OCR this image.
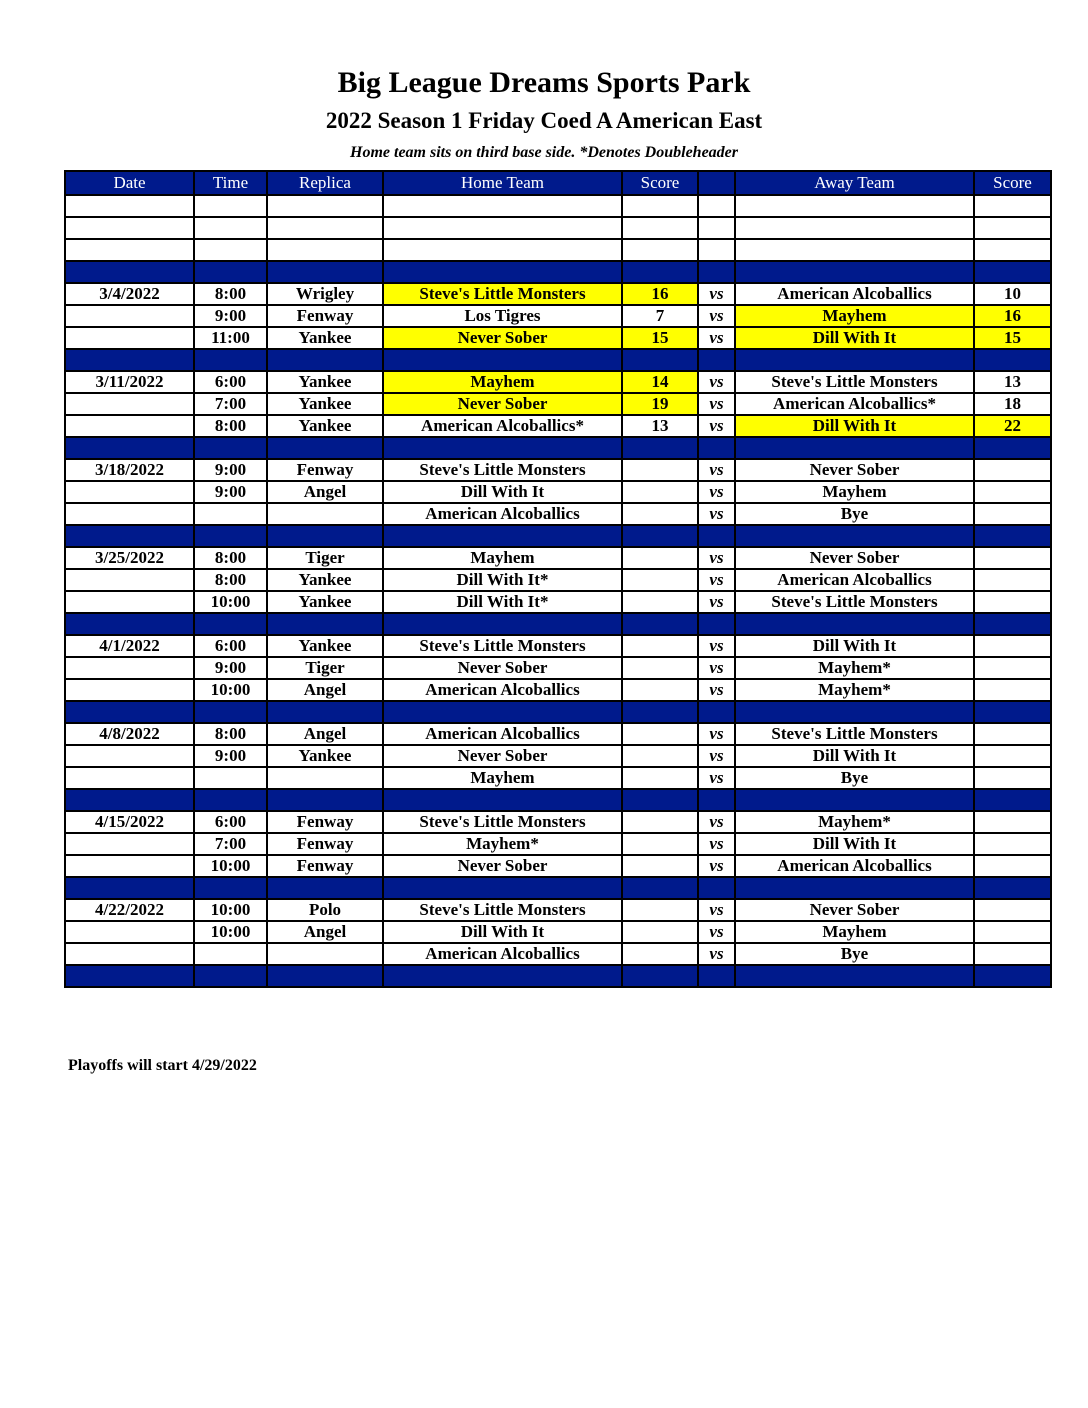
Big League Dreams Sports Park
2022 Season 1 Friday Coed A American East
Home team sits on third base side. *Denotes Doubleheader
Date	Time	Replica	Home Team	Score		Away Team	Score

3/4/2022	8:00	Wrigley	Steve's Little Monsters	16	vs	American Alcoballics	10
	9:00	Fenway	Los Tigres	7	vs	Mayhem	16
	11:00	Yankee	Never Sober	15	vs	Dill With It	15

3/11/2022	6:00	Yankee	Mayhem	14	vs	Steve's Little Monsters	13
	7:00	Yankee	Never Sober	19	vs	American Alcoballics*	18
	8:00	Yankee	American Alcoballics*	13	vs	Dill With It	22

3/18/2022	9:00	Fenway	Steve's Little Monsters		vs	Never Sober	
	9:00	Angel	Dill With It		vs	Mayhem	
			American Alcoballics		vs	Bye	

3/25/2022	8:00	Tiger	Mayhem		vs	Never Sober	
	8:00	Yankee	Dill With It*		vs	American Alcoballics	
	10:00	Yankee	Dill With It*		vs	Steve's Little Monsters	

4/1/2022	6:00	Yankee	Steve's Little Monsters		vs	Dill With It	
	9:00	Tiger	Never Sober		vs	Mayhem*	
	10:00	Angel	American Alcoballics		vs	Mayhem*	

4/8/2022	8:00	Angel	American Alcoballics		vs	Steve's Little Monsters	
	9:00	Yankee	Never Sober		vs	Dill With It	
			Mayhem		vs	Bye	

4/15/2022	6:00	Fenway	Steve's Little Monsters		vs	Mayhem*	
	7:00	Fenway	Mayhem*		vs	Dill With It	
	10:00	Fenway	Never Sober		vs	American Alcoballics	

4/22/2022	10:00	Polo	Steve's Little Monsters		vs	Never Sober	
	10:00	Angel	Dill With It		vs	Mayhem	
			American Alcoballics		vs	Bye	

Playoffs will start 4/29/2022
